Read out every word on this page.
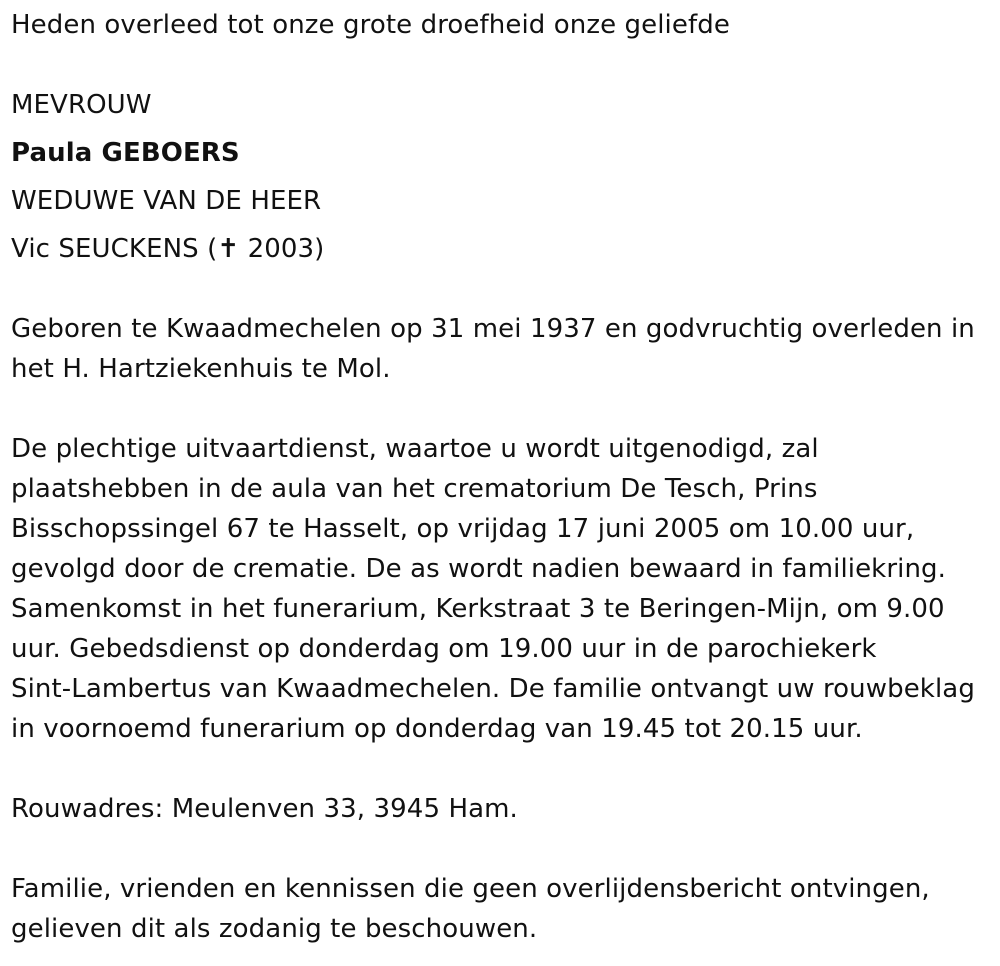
Heden overleed tot onze grote droefheid onze geliefde
MEVROUW
Paula GEBOERS
WEDUWE VAN DE HEER
Vic SEUCKENS (✝ 2003)
Geboren te Kwaadmechelen op 31 mei 1937 en godvruchtig overleden in
het H. Hartziekenhuis te Mol.
De plechtige uitvaartdienst, waartoe u wordt uitgenodigd, zal
plaatshebben in de aula van het crematorium De Tesch, Prins
Bisschopssingel 67 te Hasselt, op vrijdag 17 juni 2005 om 10.00 uur,
gevolgd door de crematie. De as wordt nadien bewaard in familiekring.
Samenkomst in het funerarium, Kerkstraat 3 te Beringen-Mijn, om 9.00
uur. Gebedsdienst op donderdag om 19.00 uur in de parochiekerk
Sint-Lambertus van Kwaadmechelen. De familie ontvangt uw rouwbeklag
in voornoemd funerarium op donderdag van 19.45 tot 20.15 uur.
Rouwadres: Meulenven 33, 3945 Ham.
Familie, vrienden en kennissen die geen overlijdensbericht ontvingen,
gelieven dit als zodanig te beschouwen.
